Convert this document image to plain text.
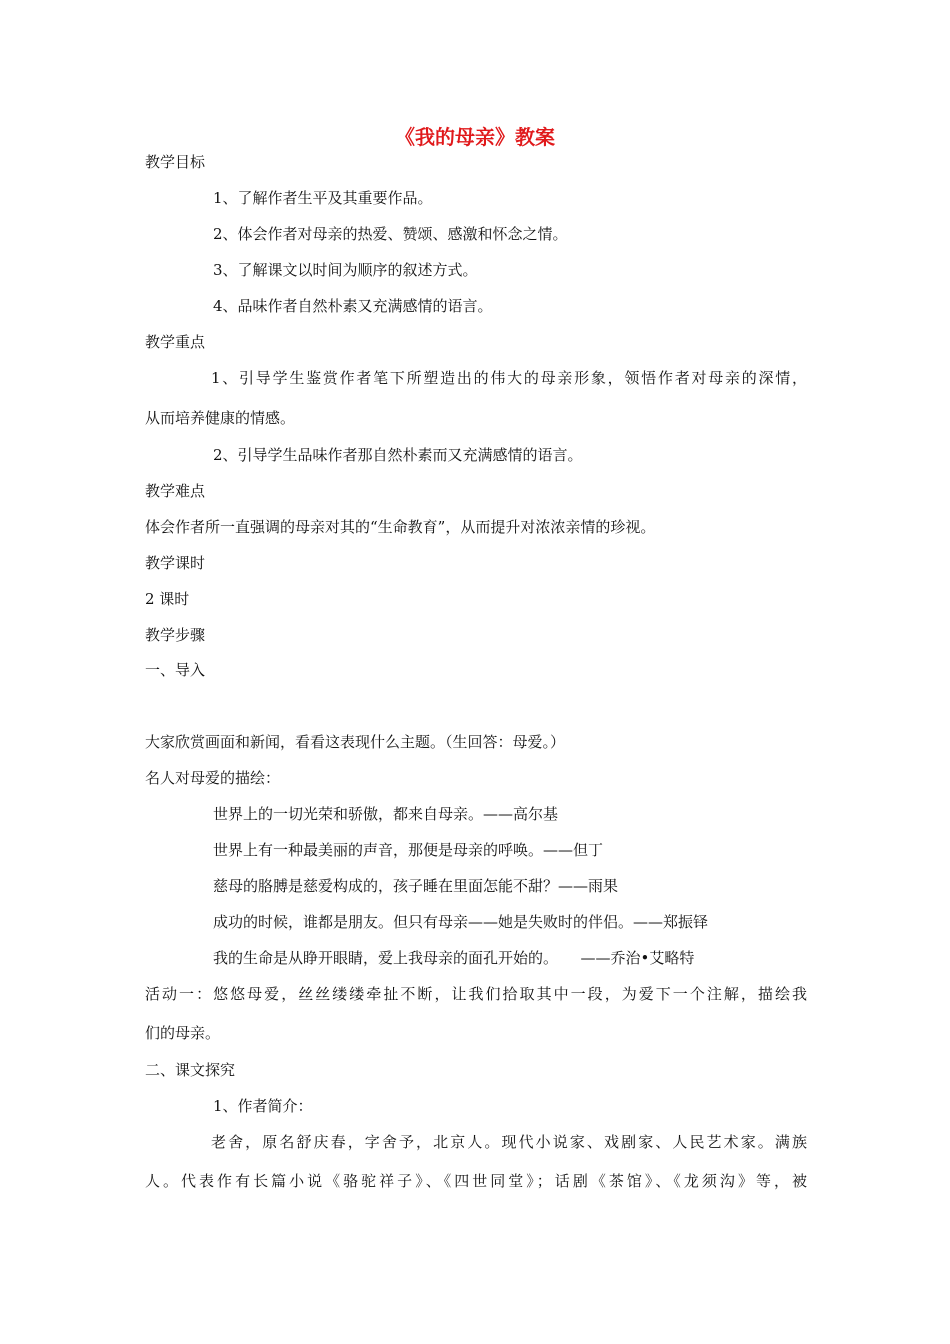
《我的母亲》教案
教学目标
1、了解作者生平及其重要作品。
2、体会作者对母亲的热爱、赞颂、感激和怀念之情。
3、了解课文以时间为顺序的叙述方式。
4、品味作者自然朴素又充满感情的语言。
教学重点
1、引导学生鉴赏作者笔下所塑造出的伟大的母亲形象，领悟作者对母亲的深情，
从而培养健康的情感。
2、引导学生品味作者那自然朴素而又充满感情的语言。
教学难点
体会作者所一直强调的母亲对其的“生命教育”，从而提升对浓浓亲情的珍视。
教学课时
2 课时
教学步骤
一、导入
大家欣赏画面和新闻，看看这表现什么主题。（生回答：母爱。）
名人对母爱的描绘：
世界上的一切光荣和骄傲，都来自母亲。——高尔基
世界上有一种最美丽的声音，那便是母亲的呼唤。——但丁
慈母的胳膊是慈爱构成的，孩子睡在里面怎能不甜？——雨果
成功的时候，谁都是朋友。但只有母亲——她是失败时的伴侣。——郑振铎
我的生命是从睁开眼睛，爱上我母亲的面孔开始的。　　——乔治•艾略特
活动一：悠悠母爱，丝丝缕缕牵扯不断，让我们拾取其中一段，为爱下一个注解，描绘我
们的母亲。
二、课文探究
1、作者简介：
老舍，原名舒庆春，字舍予，北京人。现代小说家、戏剧家、人民艺术家。满族
人。代表作有长篇小说《骆驼祥子》、《四世同堂》；话剧《茶馆》、《龙须沟》等，被
